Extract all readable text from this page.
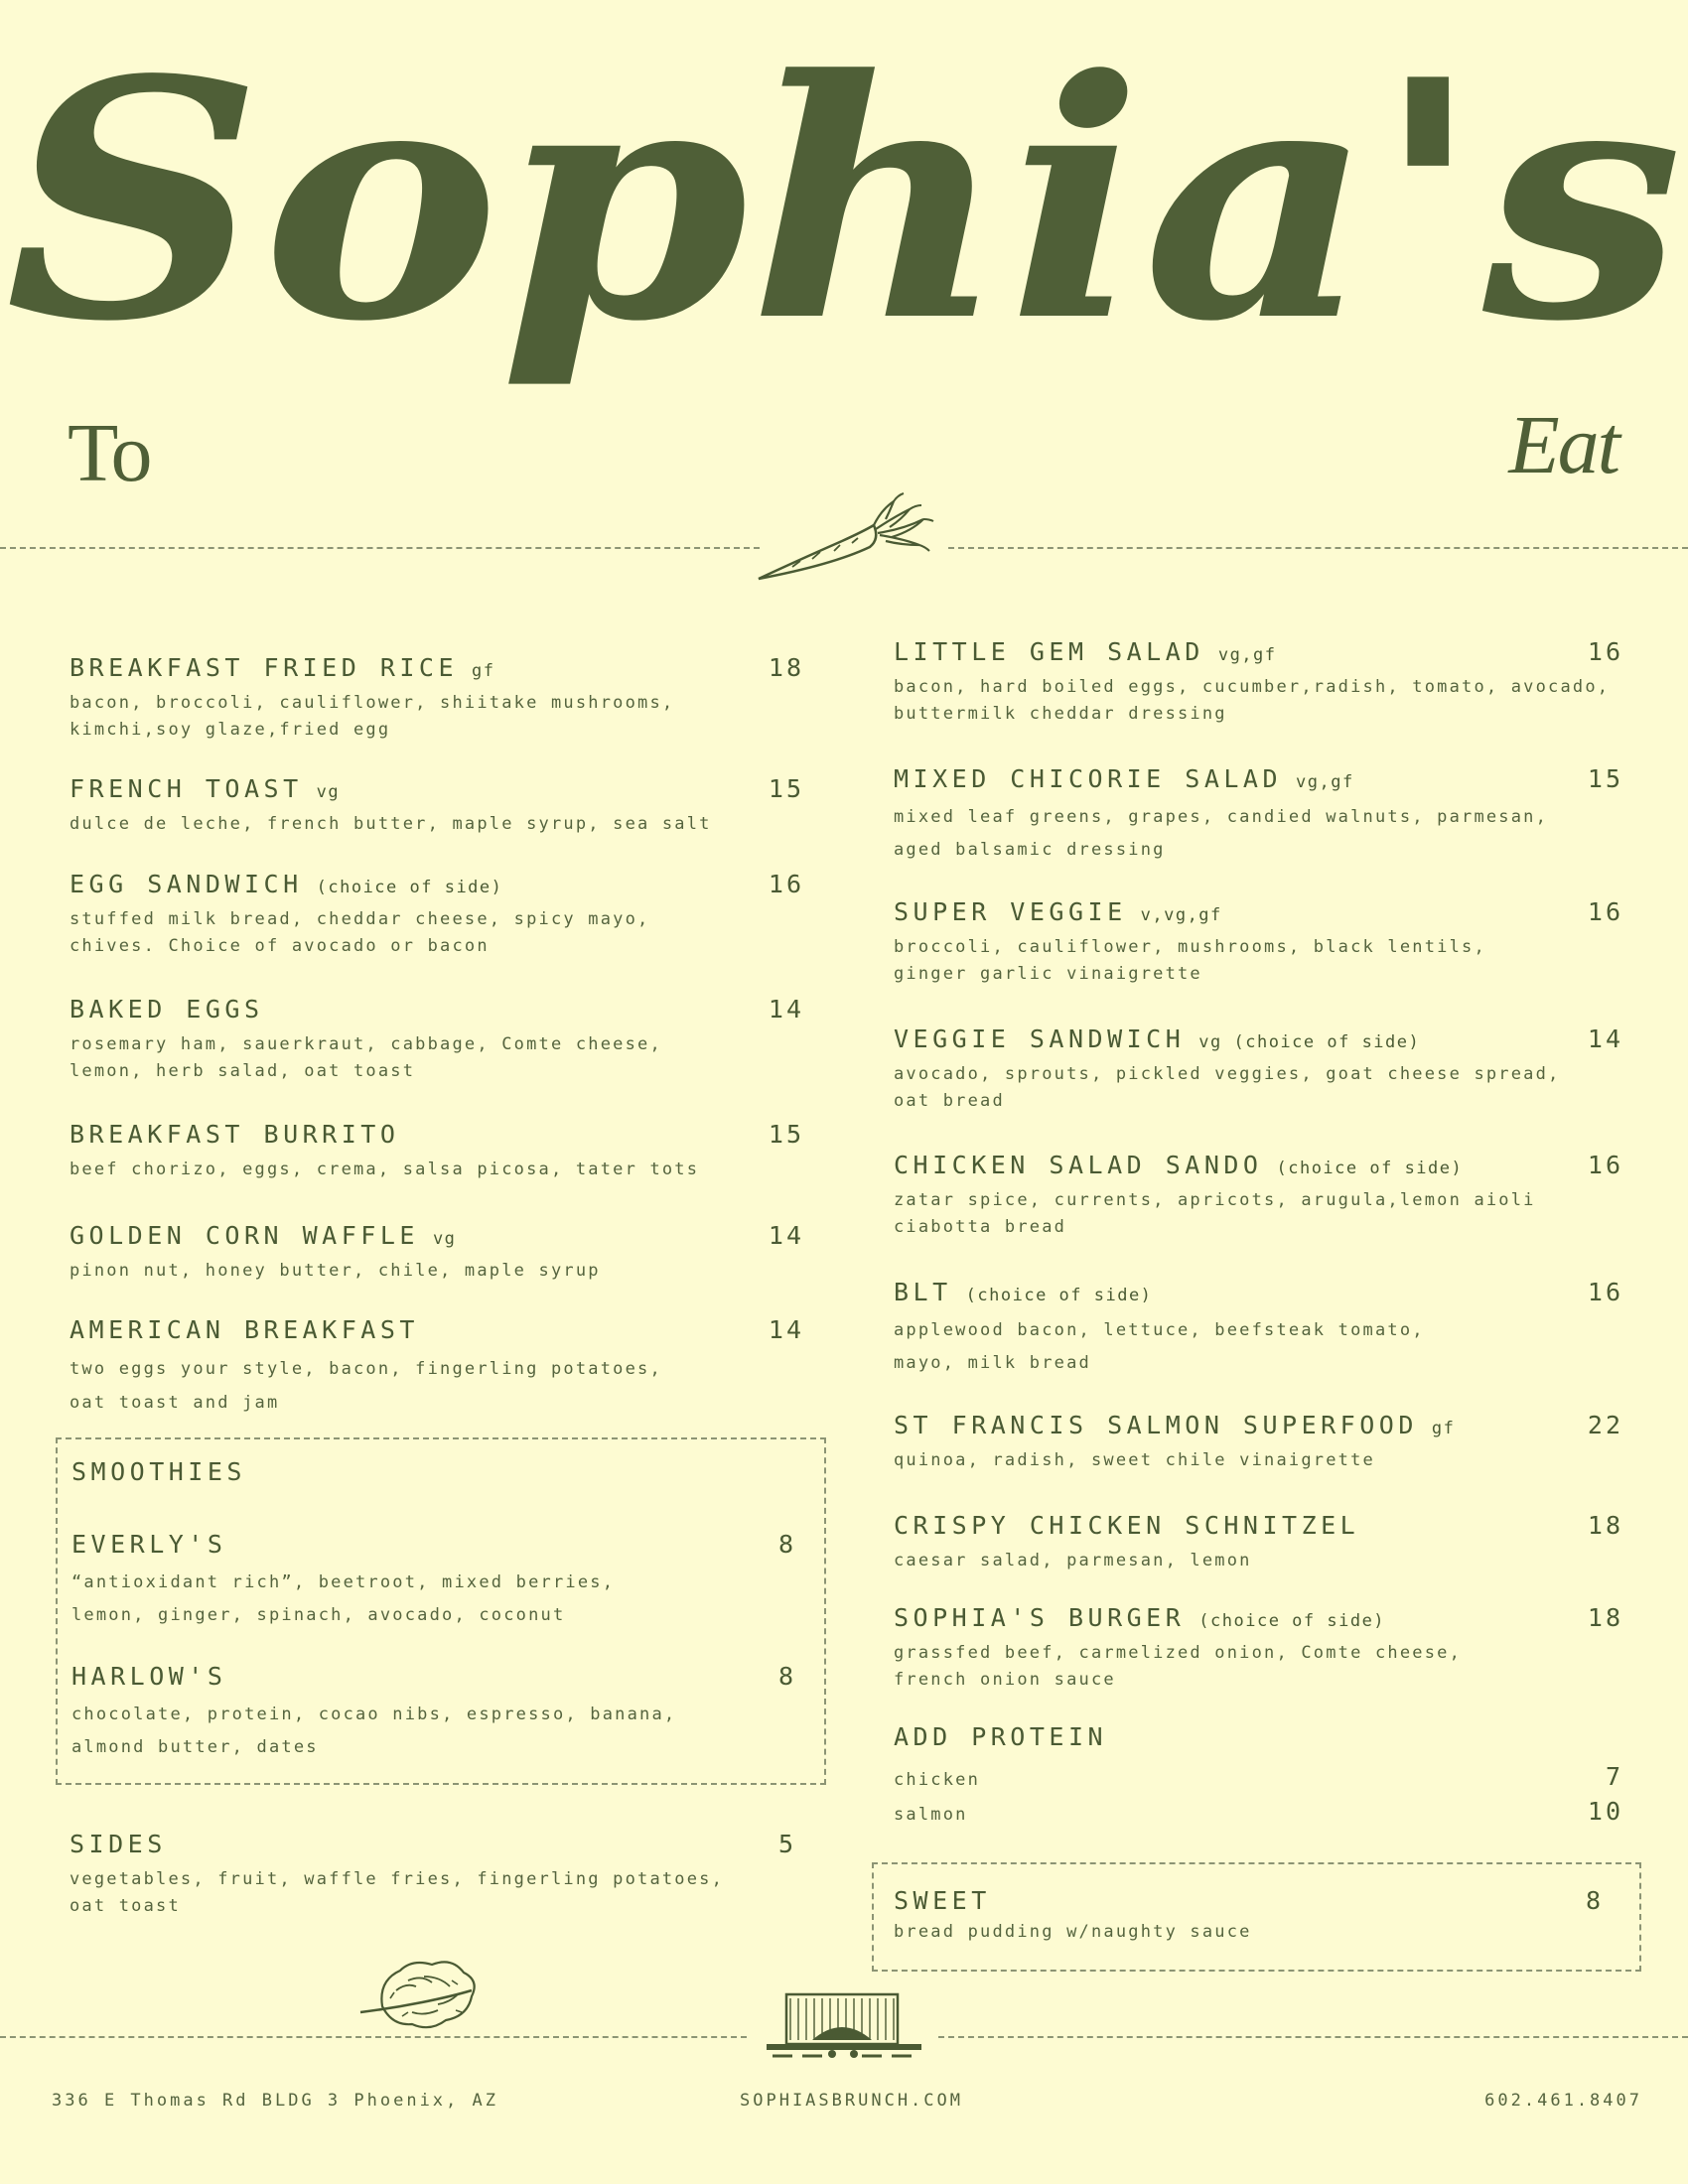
Sophia's
To	Eat
BREAKFAST FRIED RICE gf	18
bacon, broccoli, cauliflower, shiitake mushrooms, kimchi,soy glaze,fried egg
FRENCH TOAST vg	15
dulce de leche, french butter, maple syrup, sea salt
EGG SANDWICH (choice of side)	16
stuffed milk bread, cheddar cheese, spicy mayo, chives. Choice of avocado or bacon
BAKED EGGS	14
rosemary ham, sauerkraut, cabbage, Comte cheese, lemon, herb salad, oat toast
BREAKFAST BURRITO	15
beef chorizo, eggs, crema, salsa picosa, tater tots
GOLDEN CORN WAFFLE vg	14
pinon nut, honey butter, chile, maple syrup
AMERICAN BREAKFAST	14
two eggs your style, bacon, fingerling potatoes, oat toast and jam
SMOOTHIES
EVERLY'S	8
“antioxidant rich”, beetroot, mixed berries, lemon, ginger, spinach, avocado, coconut
HARLOW'S	8
chocolate, protein, cocao nibs, espresso, banana, almond butter, dates
SIDES	5
vegetables, fruit, waffle fries, fingerling potatoes, oat toast
LITTLE GEM SALAD vg,gf	16
bacon, hard boiled eggs, cucumber,radish, tomato, avocado, buttermilk cheddar dressing
MIXED CHICORIE SALAD vg,gf	15
mixed leaf greens, grapes, candied walnuts, parmesan, aged balsamic dressing
SUPER VEGGIE v,vg,gf	16
broccoli, cauliflower, mushrooms, black lentils, ginger garlic vinaigrette
VEGGIE SANDWICH vg (choice of side)	14
avocado, sprouts, pickled veggies, goat cheese spread, oat bread
CHICKEN SALAD SANDO (choice of side)	16
zatar spice, currents, apricots, arugula,lemon aioli ciabotta bread
BLT (choice of side)	16
applewood bacon, lettuce, beefsteak tomato, mayo, milk bread
ST FRANCIS SALMON SUPERFOOD gf	22
quinoa, radish, sweet chile vinaigrette
CRISPY CHICKEN SCHNITZEL	18
caesar salad, parmesan, lemon
SOPHIA'S BURGER (choice of side)	18
grassfed beef, carmelized onion, Comte cheese, french onion sauce
ADD PROTEIN
chicken	7
salmon	10
SWEET	8
bread pudding w/naughty sauce
336 E Thomas Rd BLDG 3 Phoenix, AZ	SOPHIASBRUNCH.COM	602.461.8407
